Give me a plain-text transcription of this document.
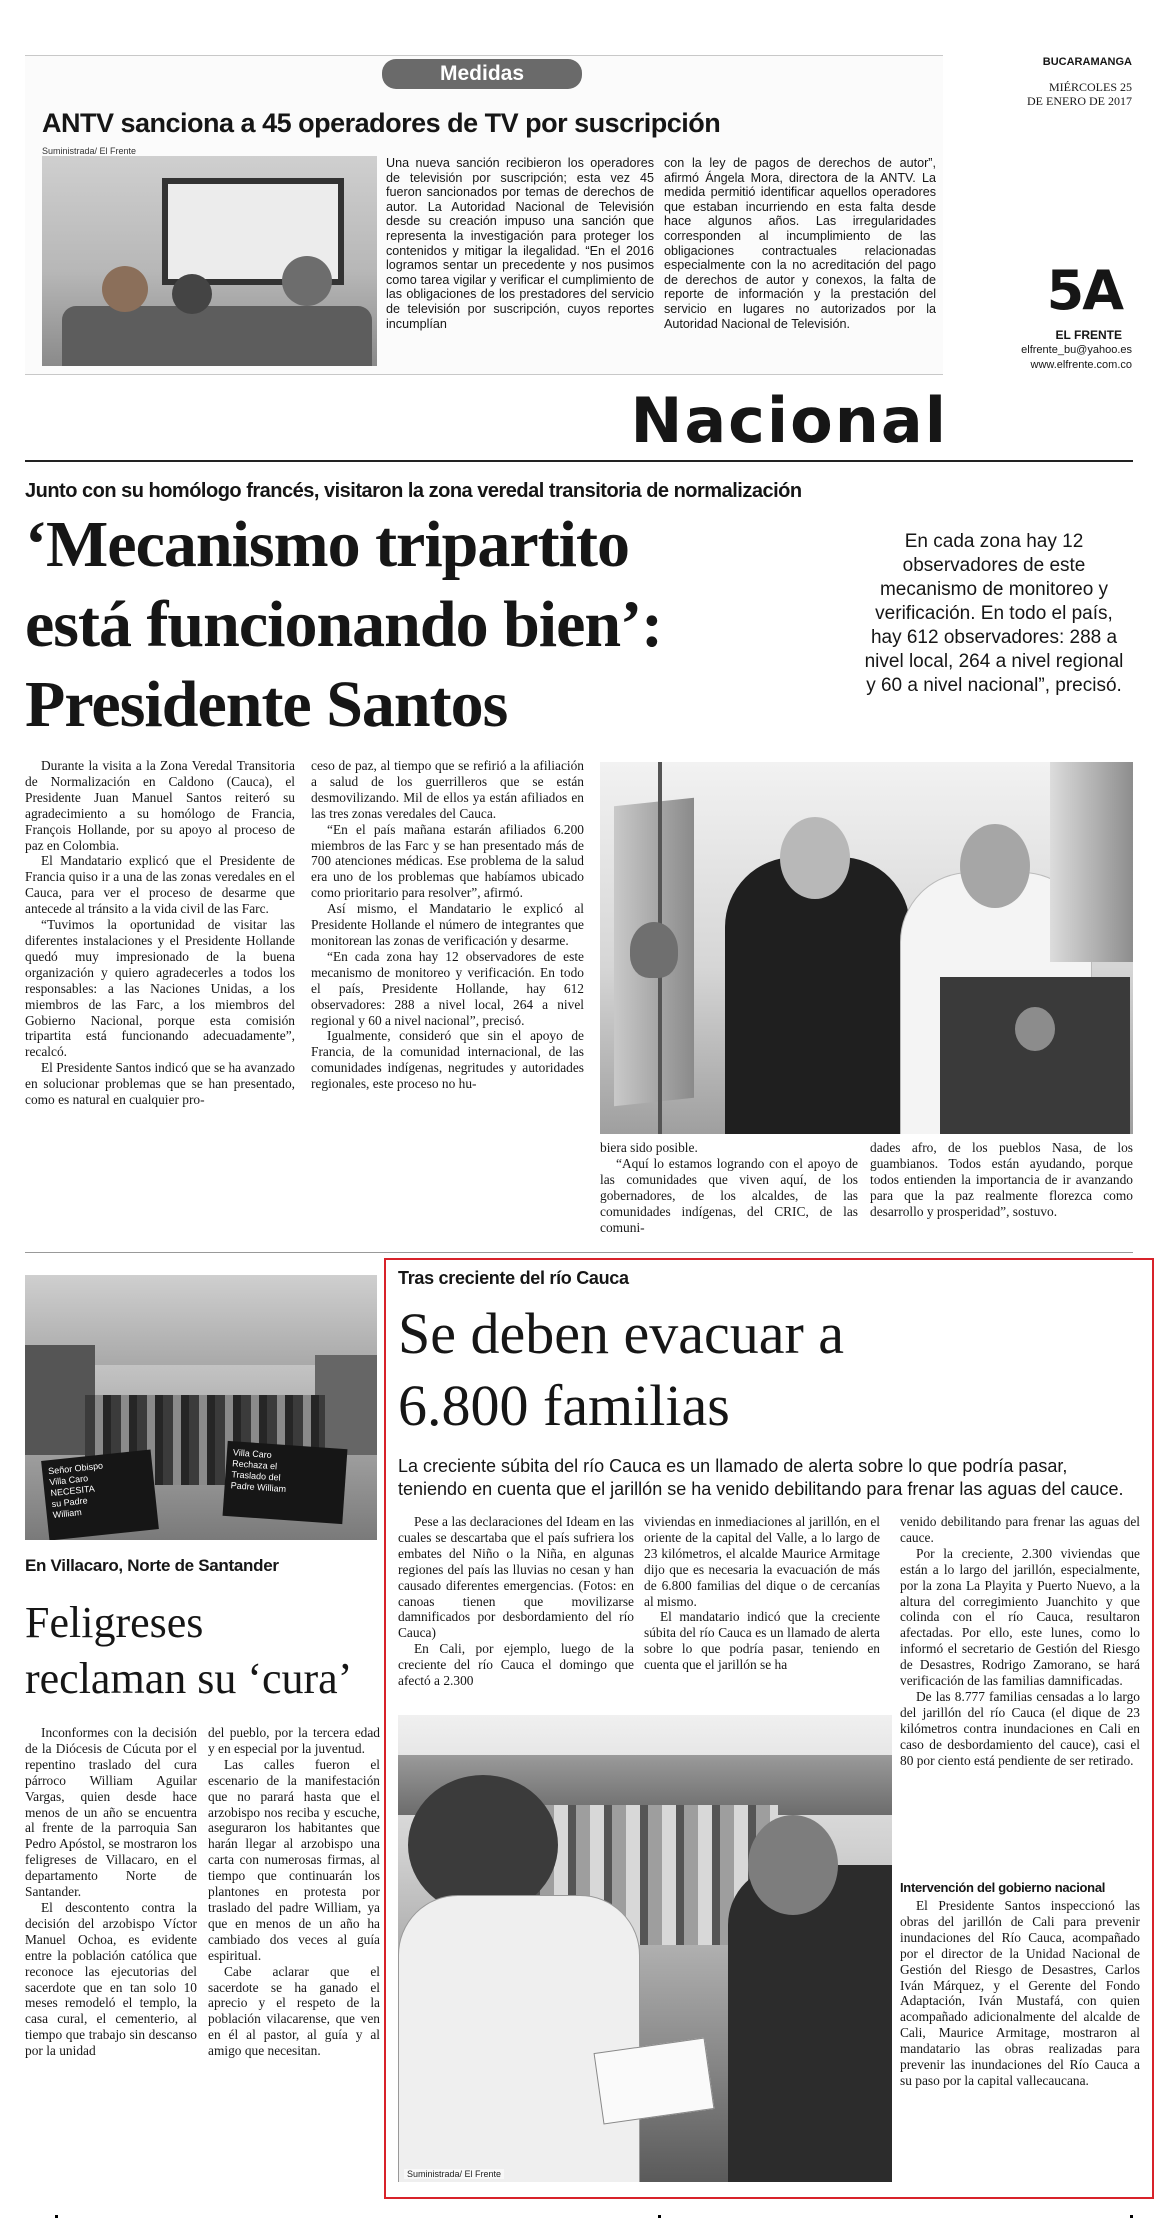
Medidas
ANTV sanciona a 45 operadores de TV por suscripción
Suministrada/ El Frente
Una nueva sanción recibieron los operadores de televisión por suscripción; esta vez 45 fueron sancionados por temas de derechos de autor. La Autoridad Nacional de Televisión desde su creación impuso una sanción que representa la investigación para proteger los contenidos y mitigar la ilegalidad. “En el 2016 logramos sentar un precedente y nos pusimos como tarea vigilar y verificar el cumplimiento de las obligaciones de los prestadores del servicio de televisión por suscripción, cuyos reportes incumplían
con la ley de pagos de derechos de autor”, afirmó Ángela Mora, directora de la ANTV. La medida permitió identificar aquellos operadores que estaban incurriendo en esta falta desde hace algunos años. Las irregularidades corresponden al incumplimiento de las obligaciones contractuales relacionadas especialmente con la no acreditación del pago de derechos de autor y conexos, la falta de reporte de información y la prestación del servicio en lugares no autorizados por la Autoridad Nacional de Televisión.
BUCARAMANGA
MIÉRCOLES 25
DE ENERO DE 2017
5A
EL FRENTE
elfrente_bu@yahoo.es
www.elfrente.com.co
Nacional
Junto con su homólogo francés, visitaron la zona veredal transitoria de normalización
‘Mecanismo tripartito
está funcionando bien’:
Presidente Santos
En cada zona hay 12 observadores de este mecanismo de monitoreo y verificación. En todo el país, hay 612 observadores: 288 a nivel local, 264 a nivel regional y 60 a nivel nacional”, precisó.

Durante la visita a la Zona Veredal Transitoria de Normalización en Caldono (Cauca), el Presidente Juan Manuel Santos reiteró su agradecimiento a su homólogo de Francia, François Hollande, por su apoyo al proceso de paz en Colombia.

El Mandatario explicó que el Presidente de Francia quiso ir a una de las zonas veredales en el Cauca, para ver el proceso de desarme que antecede al tránsito a la vida civil de las Farc.

“Tuvimos la oportunidad de visitar las diferentes instalaciones y el Presidente Hollande quedó muy impresionado de la buena organización y quiero agradecerles a todos los responsables: a las Naciones Unidas, a los miembros de las Farc, a los miembros del Gobierno Nacional, porque esta comisión tripartita está funcionando adecuadamente”, recalcó.

El Presidente Santos indicó que se ha avanzado en solucionar problemas que se han presentado, como es natural en cualquier pro-

ceso de paz, al tiempo que se refirió a la afiliación a salud de los guerrilleros que se están desmovilizando. Mil de ellos ya están afiliados en las tres zonas veredales del Cauca.

“En el país mañana estarán afiliados 6.200 miembros de las Farc y se han presentado más de 700 atenciones médicas. Ese problema de la salud era uno de los problemas que habíamos ubicado como prioritario para resolver”, afirmó.

Así mismo, el Mandatario le explicó al Presidente Hollande el número de integrantes que monitorean las zonas de verificación y desarme.

“En cada zona hay 12 observadores de este mecanismo de monitoreo y verificación. En todo el país, Presidente Hollande, hay 612 observadores: 288 a nivel local, 264 a nivel regional y 60 a nivel nacional”, precisó.

Igualmente, consideró que sin el apoyo de Francia, de la comunidad internacional, de las comunidades indígenas, negritudes y autoridades regionales, este proceso no hu-

biera sido posible.

“Aquí lo estamos logrando con el apoyo de las comunidades que viven aquí, de los gobernadores, de los alcaldes, de las comunidades indígenas, del CRIC, de las comuni-

dades afro, de los pueblos Nasa, de los guambianos. Todos están ayudando, porque todos entienden la importancia de ir avanzando para que la paz realmente florezca como desarrollo y prosperidad”, sostuvo.

Señor Obispo
Villa Caro
NECESITA
su Padre
William
Villa Caro
Rechaza el
Traslado del
Padre William
En Villacaro, Norte de Santander
Feligreses
reclaman su ‘cura’

Inconformes con la decisión de la Diócesis de Cúcuta por el repentino traslado del cura párroco William Aguilar Vargas, quien desde hace menos de un año se encuentra al frente de la parroquia San Pedro Apóstol, se mostraron los feligreses de Villacaro, en el departamento Norte de Santander.

El descontento contra la decisión del arzobispo Víctor Manuel Ochoa, es evidente entre la población católica que reconoce las ejecutorias del sacerdote que en tan solo 10 meses remodeló el templo, la casa cural, el cementerio, al tiempo que trabajo sin descanso por la unidad

del pueblo, por la tercera edad y en especial por la juventud.

Las calles fueron el escenario de la manifestación que no parará hasta que el arzobispo nos reciba y escuche, aseguraron los habitantes que harán llegar al arzobispo una carta con numerosas firmas, al tiempo que continuarán los plantones en protesta por traslado del padre William, ya que en menos de un año ha cambiado dos veces al guía espiritual.

Cabe aclarar que el sacerdote se ha ganado el aprecio y el respeto de la población vilacarense, que ven en él al pastor, al guía y al amigo que necesitan.

Tras creciente del río Cauca
Se deben evacuar a
6.800 familias
La creciente súbita del río Cauca es un llamado de alerta sobre lo que podría pasar, teniendo en cuenta que el jarillón se ha venido debilitando para frenar las aguas del cauce.

Pese a las declaraciones del Ideam en las cuales se descartaba que el país sufriera los embates del Niño o la Niña, en algunas regiones del país las lluvias no cesan y han causado diferentes emergencias. (Fotos: en canoas tienen que movilizarse damnificados por desbordamiento del río Cauca)

En Cali, por ejemplo, luego de la creciente del río Cauca el domingo que afectó a 2.300

viviendas en inmediaciones al jarillón, en el oriente de la capital del Valle, a lo largo de 23 kilómetros, el alcalde Maurice Armitage dijo que es necesaria la evacuación de más de 6.800 familias del dique o de cercanías al mismo.

El mandatario indicó que la creciente súbita del río Cauca es un llamado de alerta sobre lo que podría pasar, teniendo en cuenta que el jarillón se ha

Suministrada/ El Frente

venido debilitando para frenar las aguas del cauce.

Por la creciente, 2.300 viviendas que están a lo largo del jarillón, especialmente, por la zona La Playita y Puerto Nuevo, a la altura del corregimiento Juanchito y que colinda con el río Cauca, resultaron afectadas. Por ello, este lunes, como lo informó el secretario de Gestión del Riesgo de Desastres, Rodrigo Zamorano, se hará verificación de las familias damnificadas.

De las 8.777 familias censadas a lo largo del jarillón del río Cauca (el dique de 23 kilómetros contra inundaciones en Cali en caso de desbordamiento del cauce), casi el 80 por ciento está pendiente de ser retirado.

Intervención del gobierno nacional

El Presidente Santos inspeccionó las obras del jarillón de Cali para prevenir inundaciones del Río Cauca, acompañado por el director de la Unidad Nacional de Gestión del Riesgo de Desastres, Carlos Iván Márquez, y el Gerente del Fondo Adaptación, Iván Mustafá, con quien acompañado adicionalmente del alcalde de Cali, Maurice Armitage, mostraron al mandatario las obras realizadas para prevenir las inundaciones del Río Cauca a su paso por la capital vallecaucana.
